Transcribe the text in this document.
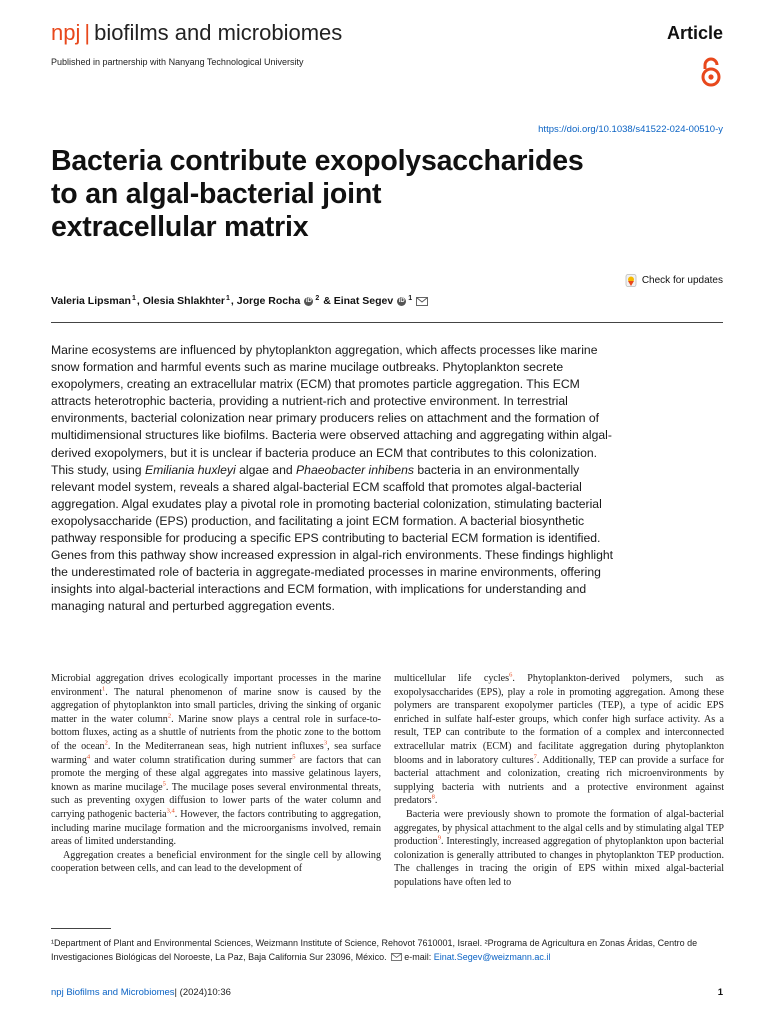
npj | biofilms and microbiomes	Article
Published in partnership with Nanyang Technological University
https://doi.org/10.1038/s41522-024-00510-y
Bacteria contribute exopolysaccharides
to an algal-bacterial joint
extracellular matrix
Check for updates
Valeria Lipsman$^1$ , Olesia Shlakhter$^1$ , Jorge Rocha iD $^2$ & Einat Segev iD $^1$
Marine ecosystems are influenced by phytoplankton aggregation, which affects processes like marine snow formation and harmful events such as marine mucilage outbreaks. Phytoplankton secrete exopolymers, creating an extracellular matrix (ECM) that promotes particle aggregation. This ECM attracts heterotrophic bacteria, providing a nutrient-rich and protective environment. In terrestrial environments, bacterial colonization near primary producers relies on attachment and the formation of multidimensional structures like biofilms. Bacteria were observed attaching and aggregating within algal-derived exopolymers, but it is unclear if bacteria produce an ECM that contributes to this colonization. This study, using Emiliania huxleyi algae and Phaeobacter inhibens bacteria in an environmentally relevant model system, reveals a shared algal-bacterial ECM scaffold that promotes algal-bacterial aggregation. Algal exudates play a pivotal role in promoting bacterial colonization, stimulating bacterial exopolysaccharide (EPS) production, and facilitating a joint ECM formation. A bacterial biosynthetic pathway responsible for producing a specific EPS contributing to bacterial ECM formation is identified. Genes from this pathway show increased expression in algal-rich environments. These findings highlight the underestimated role of bacteria in aggregate-mediated processes in marine environments, offering insights into algal-bacterial interactions and ECM formation, with implications for understanding and managing natural and perturbed aggregation events.

Microbial aggregation drives ecologically important processes in the marine environment$^1$. The natural phenomenon of marine snow is caused by the aggregation of phytoplankton into small particles, driving the sinking of organic matter in the water column$^2$. Marine snow plays a central role in surface-to-bottom fluxes, acting as a shuttle of nutrients from the photic zone to the bottom of the ocean$^2$. In the Mediterranean seas, high nutrient influxes$^3$, sea surface warming$^4$ and water column stratification during summer$^5$ are factors that can promote the merging of these algal aggregates into massive gelatinous layers, known as marine mucilage$^5$. The mucilage poses several environmental threats, such as preventing oxygen diffusion to lower parts of the water column and carrying pathogenic bacteria$^{3,4}$. However, the factors contributing to aggregation, including marine mucilage formation and the microorganisms involved, remain areas of limited understanding.

Aggregation creates a beneficial environment for the single cell by allowing cooperation between cells, and can lead to the development of

multicellular life cycles$^6$. Phytoplankton-derived polymers, such as exopolysaccharides (EPS), play a role in promoting aggregation. Among these polymers are transparent exopolymer particles (TEP), a type of acidic EPS enriched in sulfate half-ester groups, which confer high surface activity. As a result, TEP can contribute to the formation of a complex and interconnected extracellular matrix (ECM) and facilitate aggregation during phytoplankton blooms and in laboratory cultures$^7$. Additionally, TEP can provide a surface for bacterial attachment and colonization, creating rich microenvironments by supplying bacteria with nutrients and a protective environment against predators$^8$.

Bacteria were previously shown to promote the formation of algal-bacterial aggregates, by physical attachment to the algal cells and by stimulating algal TEP production$^9$. Interestingly, increased aggregation of phytoplankton upon bacterial colonization is generally attributed to changes in phytoplankton TEP production. The challenges in tracing the origin of EPS within mixed algal-bacterial populations have often led to

¹Department of Plant and Environmental Sciences, Weizmann Institute of Science, Rehovot 7610001, Israel. ²Programa de Agricultura en Zonas Áridas, Centro de Investigaciones Biológicas del Noroeste, La Paz, Baja California Sur 23096, México. e-mail: Einat.Segev@weizmann.ac.il
npj Biofilms and Microbiomes| (2024)10:36	1
